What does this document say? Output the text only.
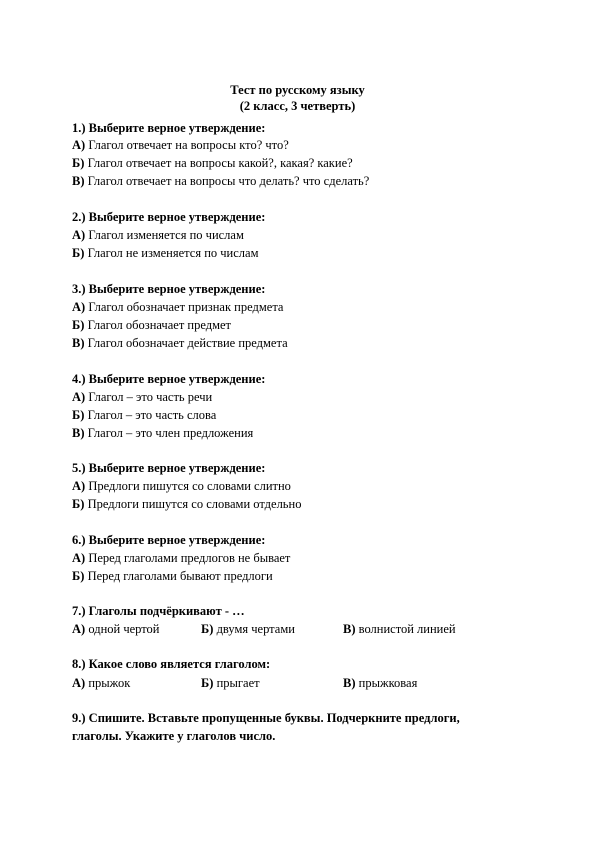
Тест по русскому языку
(2 класс, 3 четверть)
1.) Выберите верное утверждение:
А) Глагол отвечает на вопросы кто? что?
Б) Глагол отвечает на вопросы какой?, какая? какие?
В) Глагол отвечает на вопросы что делать? что сделать?
2.) Выберите верное утверждение:
А) Глагол изменяется по числам
Б) Глагол не изменяется по числам
3.) Выберите верное утверждение:
А) Глагол обозначает признак предмета
Б) Глагол обозначает предмет
В) Глагол обозначает действие предмета
4.) Выберите верное утверждение:
А) Глагол – это часть речи
Б) Глагол – это часть слова
В) Глагол – это член предложения
5.) Выберите верное утверждение:
А) Предлоги пишутся со словами слитно
Б) Предлоги пишутся со словами отдельно
6.) Выберите верное утверждение:
А) Перед глаголами предлогов не бывает
Б) Перед глаголами бывают предлоги
7.) Глаголы подчёркивают - …
А) одной чертой	Б) двумя чертами	В) волнистой линией
8.) Какое слово является глаголом:
А) прыжок	Б) прыгает	В) прыжковая
9.) Спишите. Вставьте пропущенные буквы. Подчеркните предлоги,
глаголы. Укажите у глаголов число.
